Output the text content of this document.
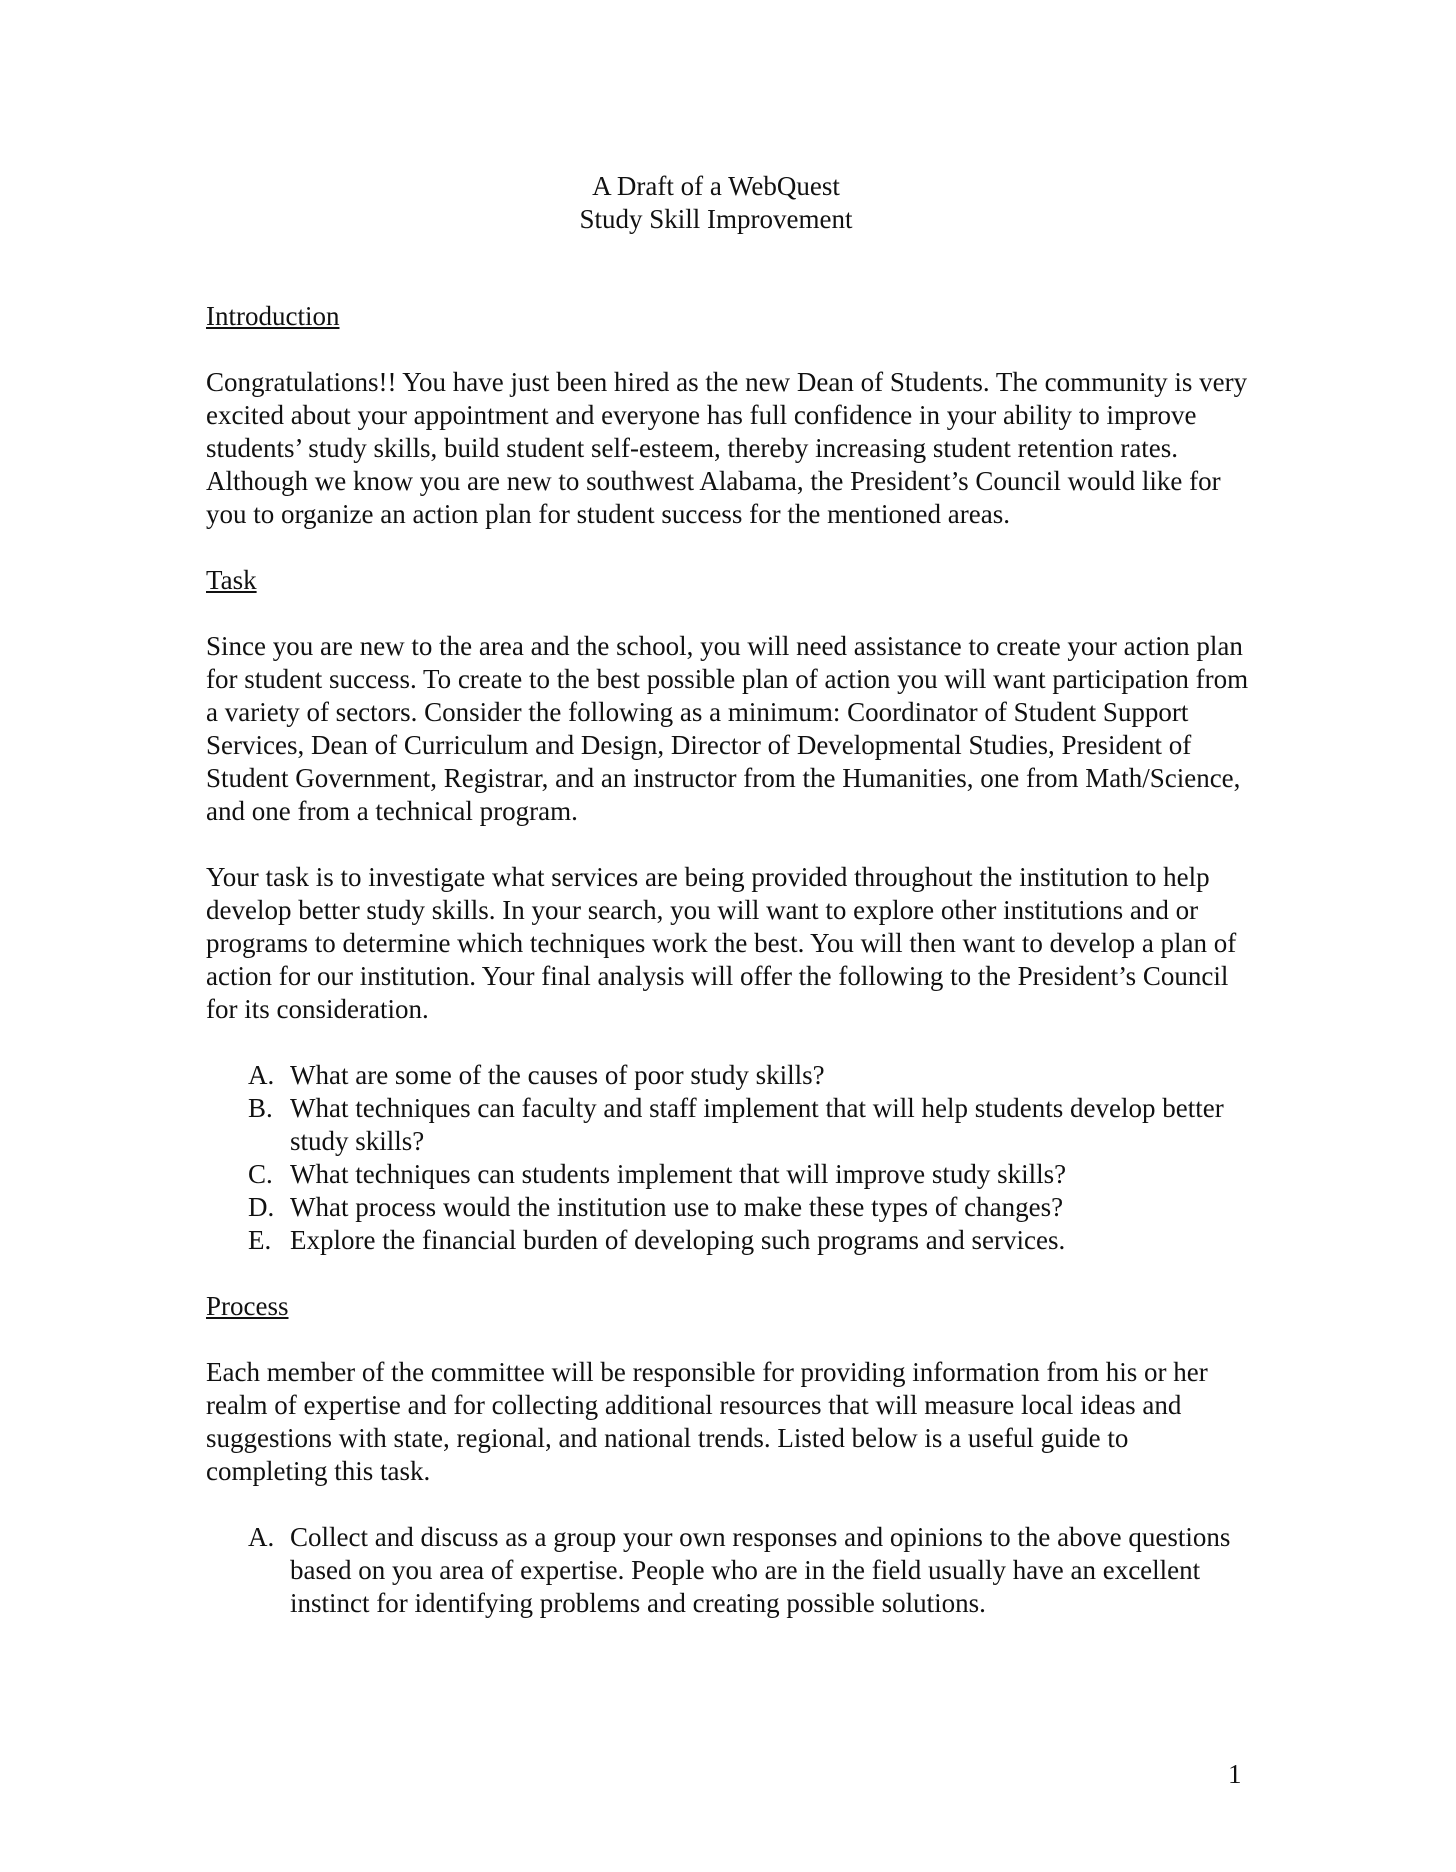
A Draft of a WebQuest
Study Skill Improvement
Introduction

Congratulations!! You have just been hired as the new Dean of Students. The community is very excited about your appointment and everyone has full confidence in your ability to improve students’ study skills, build student self-esteem, thereby increasing student retention rates. Although we know you are new to southwest Alabama, the President’s Council would like for you to organize an action plan for student success for the mentioned areas.

Task

Since you are new to the area and the school, you will need assistance to create your action plan for student success. To create to the best possible plan of action you will want participation from a variety of sectors. Consider the following as a minimum: Coordinator of Student Support Services, Dean of Curriculum and Design, Director of Developmental Studies, President of Student Government, Registrar, and an instructor from the Humanities, one from Math/Science, and one from a technical program.

Your task is to investigate what services are being provided throughout the institution to help develop better study skills. In your search, you will want to explore other institutions and or programs to determine which techniques work the best. You will then want to develop a plan of action for our institution. Your final analysis will offer the following to the President’s Council for its consideration.

A. What are some of the causes of poor study skills?
B. What techniques can faculty and staff implement that will help students develop better study skills?
C. What techniques can students implement that will improve study skills?
D. What process would the institution use to make these types of changes?
E. Explore the financial burden of developing such programs and services.
Process

Each member of the committee will be responsible for providing information from his or her realm of expertise and for collecting additional resources that will measure local ideas and suggestions with state, regional, and national trends. Listed below is a useful guide to completing this task.

A. Collect and discuss as a group your own responses and opinions to the above questions based on you area of expertise. People who are in the field usually have an excellent instinct for identifying problems and creating possible solutions.
1
